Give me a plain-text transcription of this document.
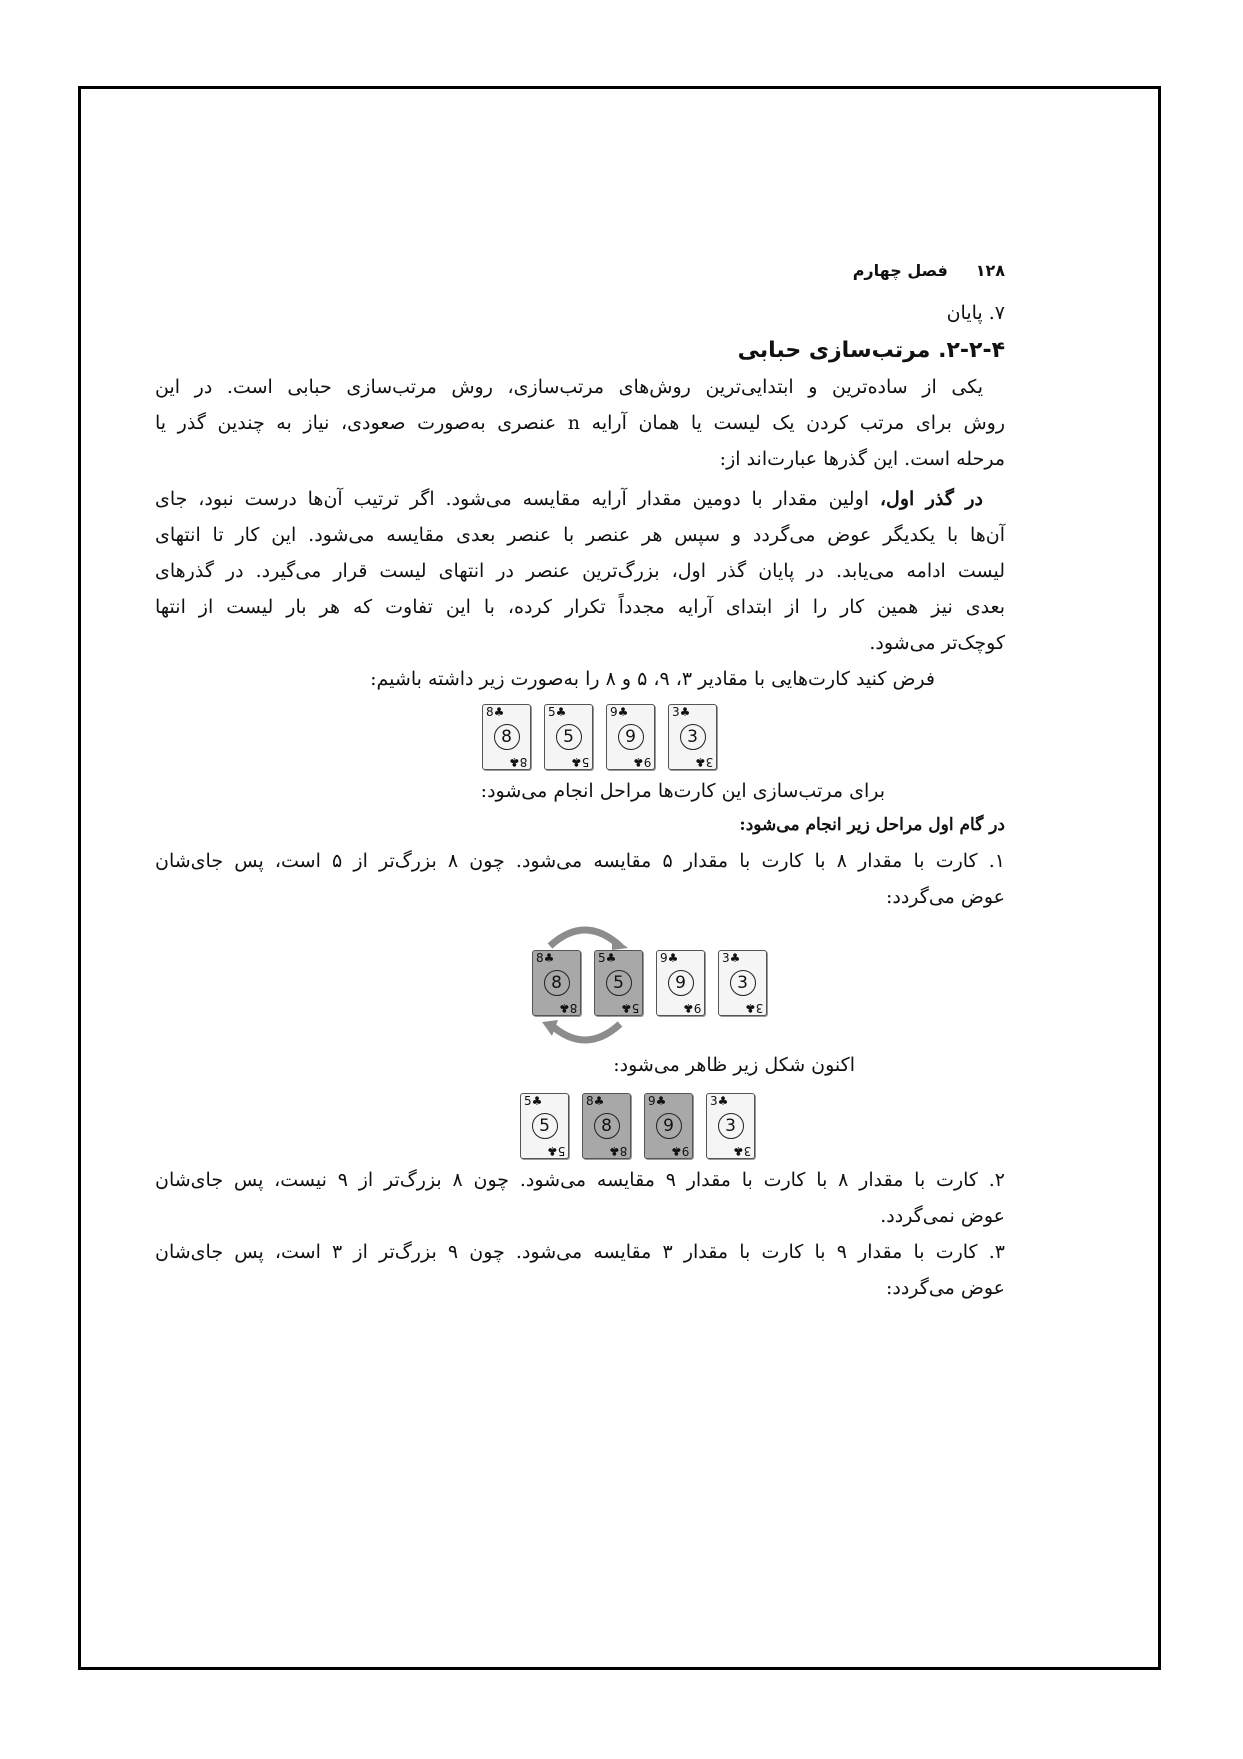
۱۲۸     فصل چهارم
۷. پایان
۲-۲-۴. مرتب‌سازی حبابی
یکی از ساده‌ترین و ابتدایی‌ترین روش‌های مرتب‌سازی، روش مرتب‌سازی حبابی است. در این
روش برای مرتب کردن یک لیست یا همان آرایه n عنصری به‌صورت صعودی، نیاز به چندین گذر یا
مرحله است. این گذرها عبارت‌اند از:
در گذر اول، اولین مقدار با دومین مقدار آرایه مقایسه می‌شود. اگر ترتیب آن‌ها درست نبود، جای
آن‌ها با یکدیگر عوض می‌گردد و سپس هر عنصر با عنصر بعدی مقایسه می‌شود. این کار تا انتهای
لیست ادامه می‌یابد. در پایان گذر اول، بزرگ‌ترین عنصر در انتهای لیست قرار می‌گیرد. در گذرهای
بعدی نیز همین کار را از ابتدای آرایه مجدداً تکرار کرده، با این تفاوت که هر بار لیست از انتها
کوچک‌تر می‌شود.
فرض کنید کارت‌هایی با مقادیر ۳، ۹، ۵ و ۸ را به‌صورت زیر داشته باشیم:
8♣
8
8♣
5♣
5
5♣
9♣
9
9♣
3♣
3
3♣
برای مرتب‌سازی این کارت‌ها مراحل انجام می‌شود:
در گام اول مراحل زیر انجام می‌شود:
۱. کارت با مقدار ۸ با کارت با مقدار ۵ مقایسه می‌شود. چون ۸ بزرگ‌تر از ۵ است، پس جای‌شان
عوض می‌گردد:
8♣
8
8♣
5♣
5
5♣
9♣
9
9♣
3♣
3
3♣
اکنون شکل زیر ظاهر می‌شود:
5♣
5
5♣
8♣
8
8♣
9♣
9
9♣
3♣
3
3♣
۲. کارت با مقدار ۸ با کارت با مقدار ۹ مقایسه می‌شود. چون ۸ بزرگ‌تر از ۹ نیست، پس جای‌شان
عوض نمی‌گردد.
۳. کارت با مقدار ۹ با کارت با مقدار ۳ مقایسه می‌شود. چون ۹ بزرگ‌تر از ۳ است، پس جای‌شان
عوض می‌گردد:
